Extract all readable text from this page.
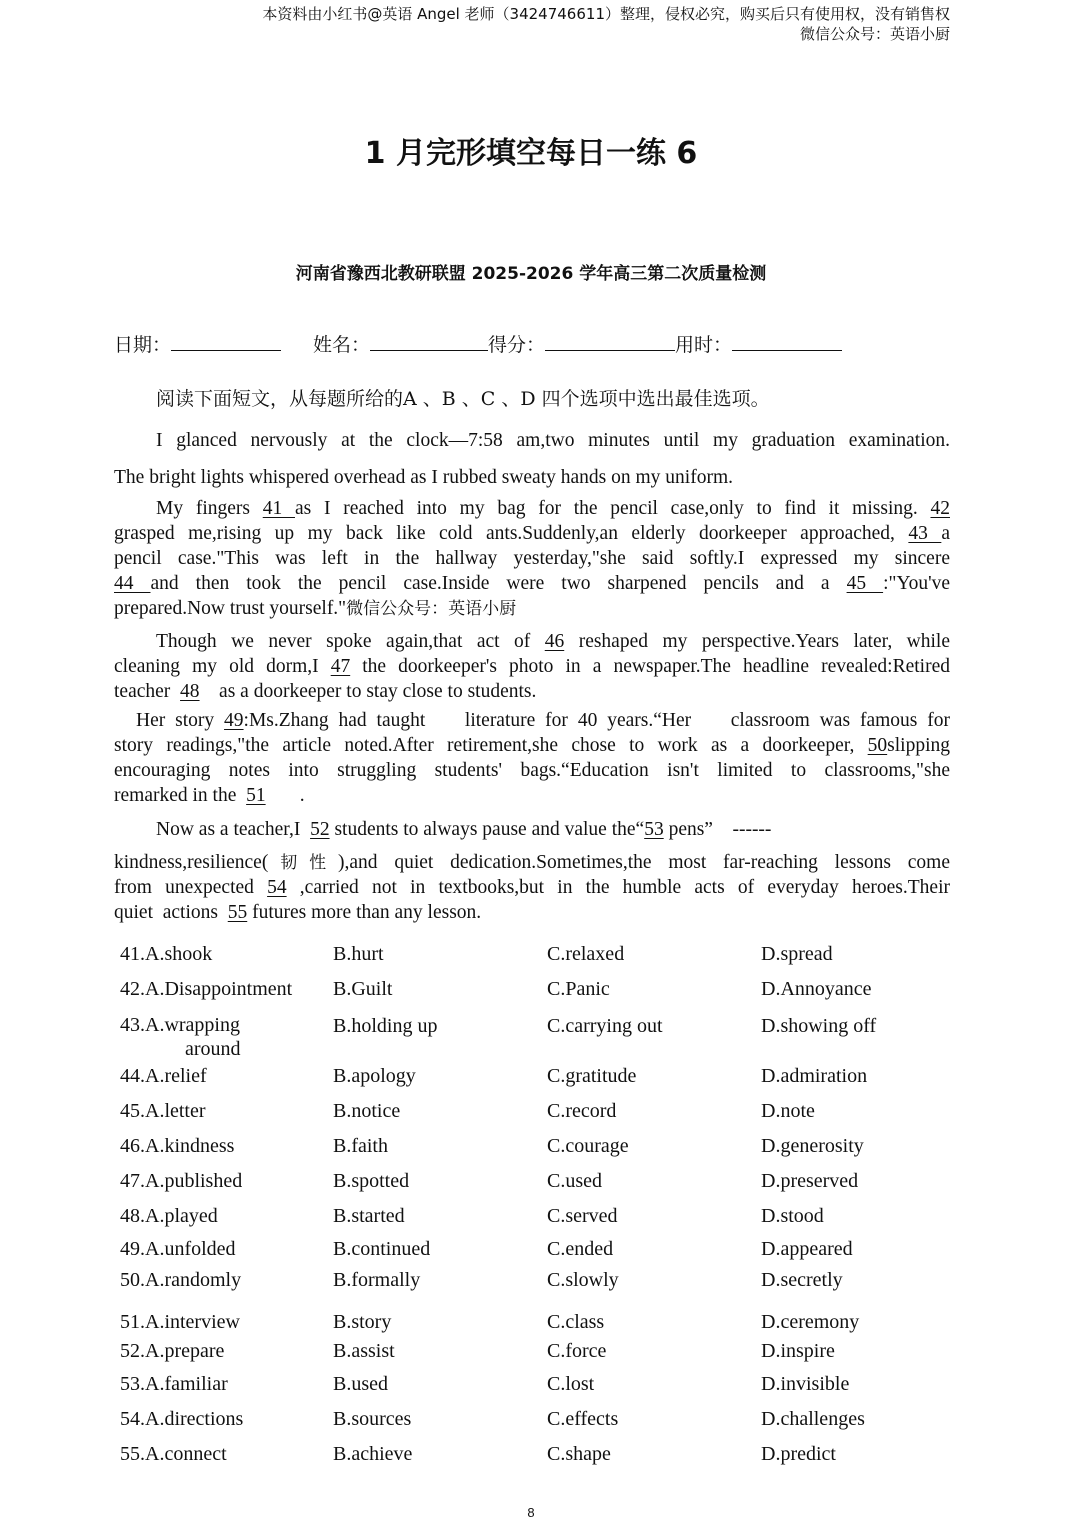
本资料由小红书@英语 Angel 老师（3424746611）整理，侵权必究，购买后只有使用权，没有销售权
微信公众号：英语小厨
1 月完形填空每日一练 6
河南省豫西北教研联盟 2025-2026 学年高三第二次质量检测
日期：	姓名：	得分：	用时：
阅读下面短文，从每题所给的A 、B 、C 、D 四个选项中选出最佳选项。
I glanced nervously at the clock—7:58 am,two minutes until my graduation examination.
The bright lights whispered overhead as I rubbed sweaty hands on my uniform.
My fingers 41 as I reached into my bag for the pencil case,only to find it missing. 42
grasped me,rising up my back like cold ants.Suddenly,an elderly doorkeeper approached, 43 a
pencil case."This was left in the hallway yesterday,"she said softly.I expressed my sincere
44 and then took the pencil case.Inside were two sharpened pencils and a 45 :"You've
prepared.Now trust yourself."微信公众号：英语小厨
Though we never spoke again,that act of 46 reshaped my perspective.Years later, while
cleaning my old dorm,I 47 the doorkeeper's photo in a newspaper.The headline revealed:Retired
teacher  48    as a doorkeeper to stay close to students.
Her story 49:Ms.Zhang had taught    literature for 40 years.“Her    classroom was famous for
story readings,"the article noted.After retirement,she chose to work as a doorkeeper, 50slipping
encouraging notes into struggling students' bags.“Education isn't limited to classrooms,"she
remarked in the  51       .
Now as a teacher,I  52 students to always pause and value the“53 pens”    ------
kindness,resilience(韧性),and quiet dedication.Sometimes,the most far-reaching lessons come
from unexpected 54 ,carried not in textbooks,but in the humble acts of everyday heroes.Their
quiet  actions  55 futures more than any lesson.
41.A.shook	B.hurt	C.relaxed	D.spread
42.A.Disappointment B.Guilt	C.Panic	D.Annoyance
43.A.wrapping
around
B.holding up	C.carrying out	D.showing off
44.A.relief	B.apology	C.gratitude	D.admiration
45.A.letter	B.notice	C.record	D.note
46.A.kindness	B.faith	C.courage	D.generosity
47.A.published	B.spotted	C.used	D.preserved
48.A.played	B.started	C.served	D.stood
49.A.unfolded	B.continued	C.ended	D.appeared
50.A.randomly	B.formally	C.slowly	D.secretly
51.A.interview	B.story	C.class	D.ceremony
52.A.prepare	B.assist	C.force	D.inspire
53.A.familiar	B.used	C.lost	D.invisible
54.A.directions	B.sources	C.effects	D.challenges
55.A.connect	B.achieve	C.shape	D.predict
8
